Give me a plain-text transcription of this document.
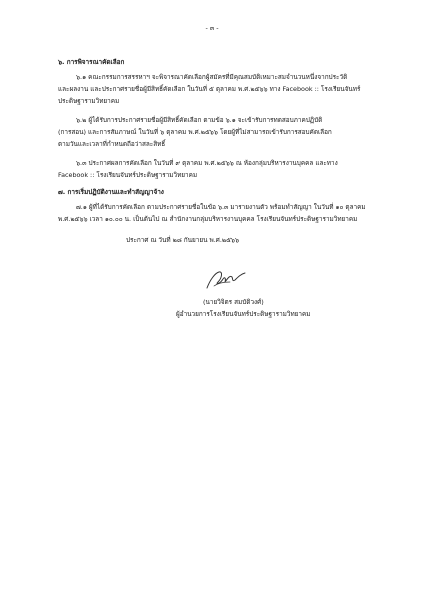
- ๓ -
๖. การพิจารณาคัดเลือก
๖.๑ คณะกรรมการสรรหาฯ จะพิจารณาคัดเลือกผู้สมัครที่มีคุณสมบัติเหมาะสมจำนวนหนึ่งจากประวัติ
และผลงาน และประกาศรายชื่อผู้มีสิทธิ์คัดเลือก ในวันที่ ๕ ตุลาคม พ.ศ.๒๕๖๖ ทาง Facebook :: โรงเรียนจันทร์
ประดิษฐารามวิทยาคม
๖.๒ ผู้ได้รับการประกาศรายชื่อผู้มีสิทธิ์คัดเลือก ตามข้อ ๖.๑ จะเข้ารับการทดสอบภาคปฏิบัติ
(การสอน) และการสัมภาษณ์ ในวันที่ ๖ ตุลาคม พ.ศ.๒๕๖๖ โดยผู้ที่ไม่สามารถเข้ารับการสอบคัดเลือก
ตามวันและเวลาที่กำหนดถือว่าสละสิทธิ์
๖.๓ ประกาศผลการคัดเลือก ในวันที่ ๙ ตุลาคม พ.ศ.๒๕๖๖ ณ ห้องกลุ่มบริหารงานบุคคล และทาง
Facebook :: โรงเรียนจันทร์ประดิษฐารามวิทยาคม
๗. การเริ่มปฏิบัติงานและทำสัญญาจ้าง
๗.๑ ผู้ที่ได้รับการคัดเลือก ตามประกาศรายชื่อในข้อ ๖.๓ มารายงานตัว พร้อมทำสัญญา ในวันที่ ๑๐ ตุลาคม
พ.ศ.๒๕๖๖ เวลา ๑๐.๐๐ น. เป็นต้นไป ณ สำนักงานกลุ่มบริหารงานบุคคล โรงเรียนจันทร์ประดิษฐารามวิทยาคม
ประกาศ ณ วันที่ ๒๘ กันยายน พ.ศ.๒๕๖๖
(นายวิจิตร สมบัติวงศ์)
ผู้อำนวยการโรงเรียนจันทร์ประดิษฐารามวิทยาคม
